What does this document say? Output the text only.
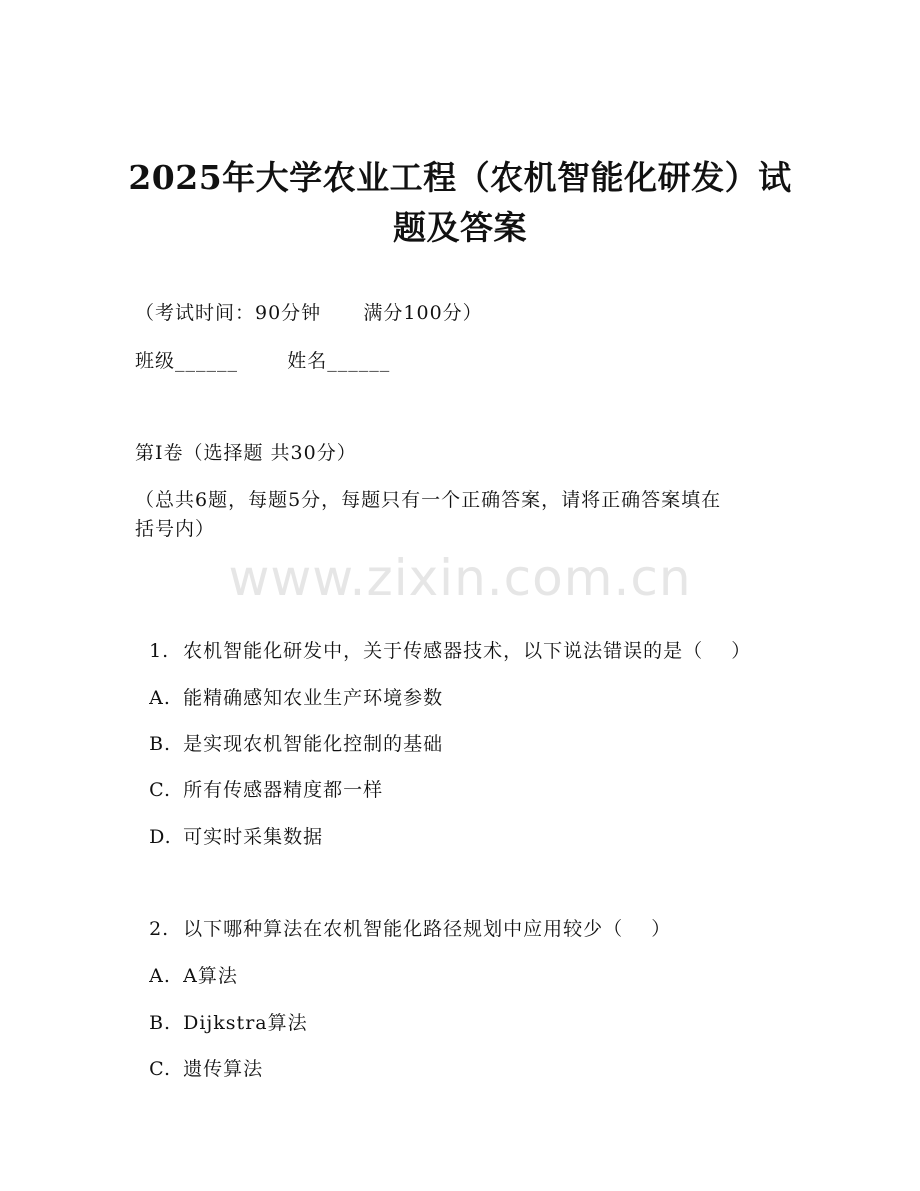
2025年大学农业工程（农机智能化研发）试
题及答案
（考试时间：90分钟      满分100分）
班级______       姓名______
第I卷（选择题 共30分）
（总共6题，每题5分，每题只有一个正确答案，请将正确答案填在
括号内）
www.zixin.com.cn

1. 农机智能化研发中，关于传感器技术，以下说法错误的是（    ）

A. 能精确感知农业生产环境参数

B. 是实现农机智能化控制的基础

C. 所有传感器精度都一样

D. 可实时采集数据

2. 以下哪种算法在农机智能化路径规划中应用较少（    ）

A. A算法

B. Dijkstra算法

C. 遗传算法
